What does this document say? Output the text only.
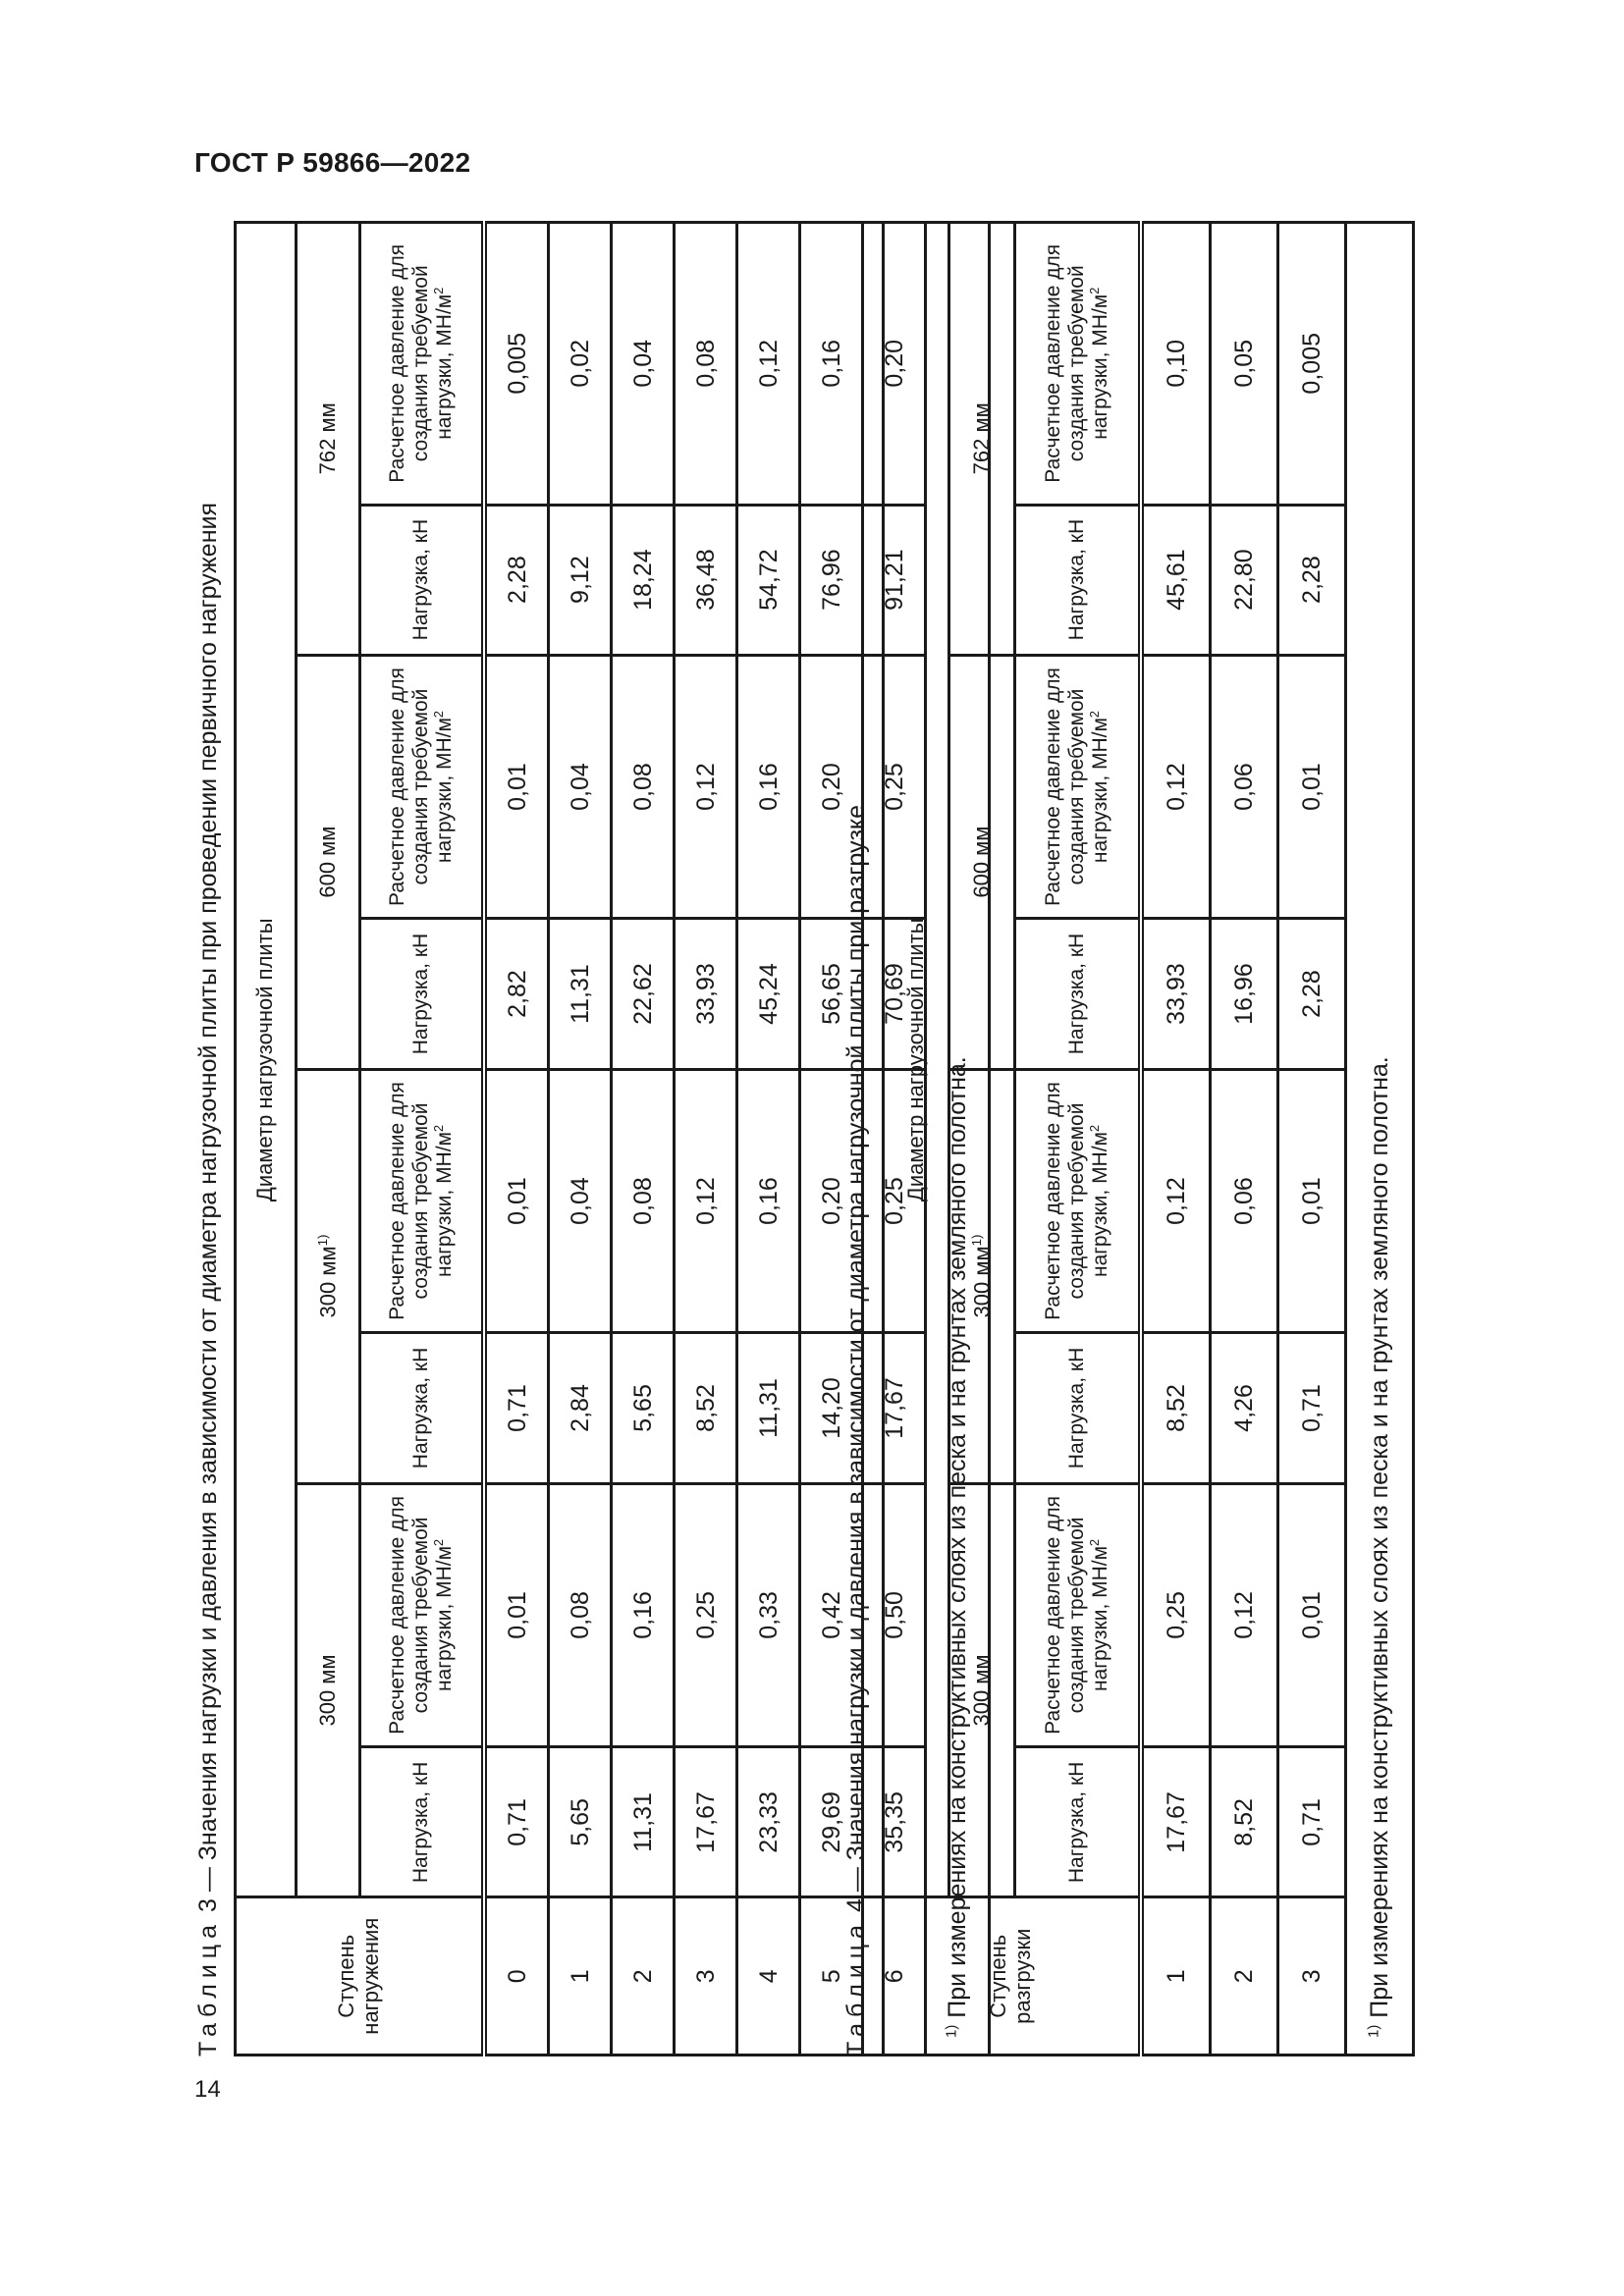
ГОСТ Р 59866—2022
Таблица 3 — Значения нагрузки и давления в зависимости от диаметра нагрузочной плиты при проведении первичного нагружения
Ступень нагружения	Диаметр нагрузочной плиты							
	300 мм		300 $мм^{1)}$		600 мм		762 мм	
	Нагрузка, кН	Расчетное давление для создания требуемой нагрузки, $МН/м^2$	Нагрузка, кН	Расчетное давление для создания требуемой нагрузки, $МН/м^2$	Нагрузка, кН	Расчетное давление для создания требуемой нагрузки, $МН/м^2$	Нагрузка, кН	Расчетное давление для создания требуемой нагрузки, $МН/м^2$
0	0,71	0,01	0,71	0,01	2,82	0,01	2,28	0,005
1	5,65	0,08	2,84	0,04	11,31	0,04	9,12	0,02
2	11,31	0,16	5,65	0,08	22,62	0,08	18,24	0,04
3	17,67	0,25	8,52	0,12	33,93	0,12	36,48	0,08
4	23,33	0,33	11,31	0,16	45,24	0,16	54,72	0,12
5	29,69	0,42	14,20	0,20	56,65	0,20	76,96	0,16
6	35,35	0,50	17,67	0,25	70,69	0,25	91,21	0,20
$^{1)}$ При измерениях на конструктивных слоях из песка и на грунтах земляного полотна.								
Таблица 4 — Значения нагрузки и давления в зависимости от диаметра нагрузочной плиты при разгрузке
Ступень разгрузки	Диаметр нагрузочной плиты							
	300 мм		300 $мм^{1)}$		600 мм		762 мм	
	Нагрузка, кН	Расчетное давление для создания требуемой нагрузки, $МН/м^2$	Нагрузка, кН	Расчетное давление для создания требуемой нагрузки, $МН/м^2$	Нагрузка, кН	Расчетное давление для создания требуемой нагрузки, $МН/м^2$	Нагрузка, кН	Расчетное давление для создания требуемой нагрузки, $МН/м^2$
1	17,67	0,25	8,52	0,12	33,93	0,12	45,61	0,10
2	8,52	0,12	4,26	0,06	16,96	0,06	22,80	0,05
3	0,71	0,01	0,71	0,01	2,28	0,01	2,28	0,005
$^{1)}$ При измерениях на конструктивных слоях из песка и на грунтах земляного полотна.								
14
